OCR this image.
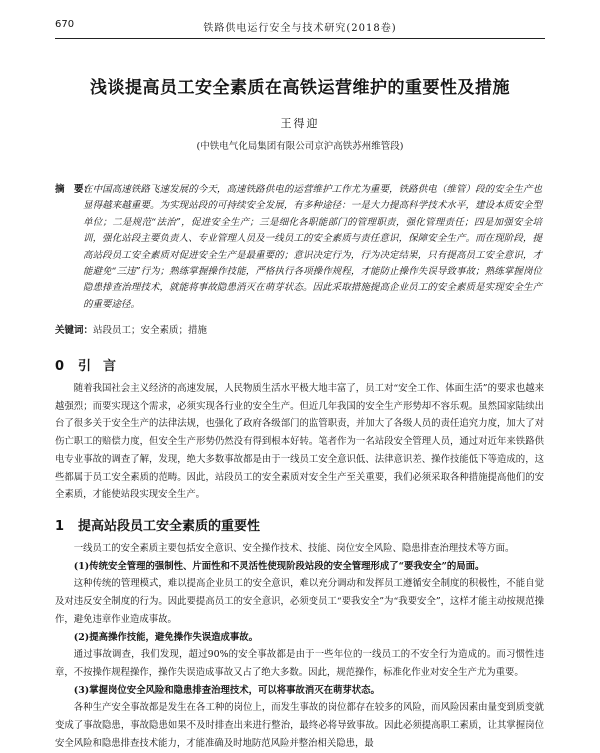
670	铁路供电运行安全与技术研究(2018卷)
浅谈提高员工安全素质在高铁运营维护的重要性及措施
王得迎
(中铁电气化局集团有限公司京沪高铁苏州维管段)
摘　要：
在中国高速铁路飞速发展的今天，高速铁路供电的运营维护工作尤为重要，铁路供电（维管）段的安全生产也显得越来越重要。为实现站段的可持续安全发展，有多种途径：一是大力提高科学技术水平，建设本质安全型单位；二是规范“法治”，促进安全生产；三是细化各职能部门的管理职责，强化管理责任；四是加强安全培训，强化站段主要负责人、专业管理人员及一线员工的安全素质与责任意识，保障安全生产。而在现阶段，提高站段员工安全素质对促进安全生产是最重要的；意识决定行为，行为决定结果，只有提高员工安全意识，才能避免“三违”行为；熟练掌握操作技能，严格执行各项操作规程，才能防止操作失误导致事故；熟练掌握岗位隐患排查治理技术，就能将事故隐患消灭在萌芽状态。因此采取措施提高企业员工的安全素质是实现安全生产的重要途径。
关键词：站段员工；安全素质；措施
0 引言
随着我国社会主义经济的高速发展，人民物质生活水平极大地丰富了，员工对“安全工作、体面生活”的要求也越来越强烈；而要实现这个需求，必须实现各行业的安全生产。但近几年我国的安全生产形势却不容乐观。虽然国家陆续出台了很多关于安全生产的法律法规，也强化了政府各级部门的监管职责，并加大了各级人员的责任追究力度，加大了对伤亡职工的赔偿力度，但安全生产形势仍然没有得到根本好转。笔者作为一名站段安全管理人员，通过对近年来铁路供电专业事故的调查了解，发现，绝大多数事故都是由于一线员工安全意识低、法律意识差、操作技能低下等造成的，这些都属于员工安全素质的范畴。因此，站段员工的安全素质对安全生产至关重要，我们必须采取各种措施提高他们的安全素质，才能使站段实现安全生产。
1 提高站段员工安全素质的重要性

一线员工的安全素质主要包括安全意识、安全操作技术、技能、岗位安全风险、隐患排查治理技术等方面。

(1)传统安全管理的强制性、片面性和不灵活性使现阶段站段的安全管理形成了“要我安全”的局面。

这种传统的管理模式，难以提高企业员工的安全意识，难以充分调动和发挥员工遵循安全制度的积极性，不能自觉及对违反安全制度的行为。因此要提高员工的安全意识，必须变员工“要我安全”为“我要安全”，这样才能主动按规范操作，避免违章作业造成事故。

(2)提高操作技能，避免操作失误造成事故。

通过事故调查，我们发现，超过90%的安全事故都是由于一些年位的一线员工的不安全行为造成的。而习惯性违章，不按操作规程操作，操作失误造成事故又占了绝大多数。因此，规范操作，标准化作业对安全生产尤为重要。

(3)掌握岗位安全风险和隐患排查治理技术，可以将事故消灭在萌芽状态。

各种生产安全事故都是发生在各工种的岗位上，而发生事故的岗位都存在较多的风险，而风险因素由量变到质变就变成了事故隐患，事故隐患如果不及时排查出来进行整治，最终必将导致事故。因此必须提高职工素质，让其掌握岗位安全风险和隐患排查技术能力，才能准确及时地防范风险并整治相关隐患，最
